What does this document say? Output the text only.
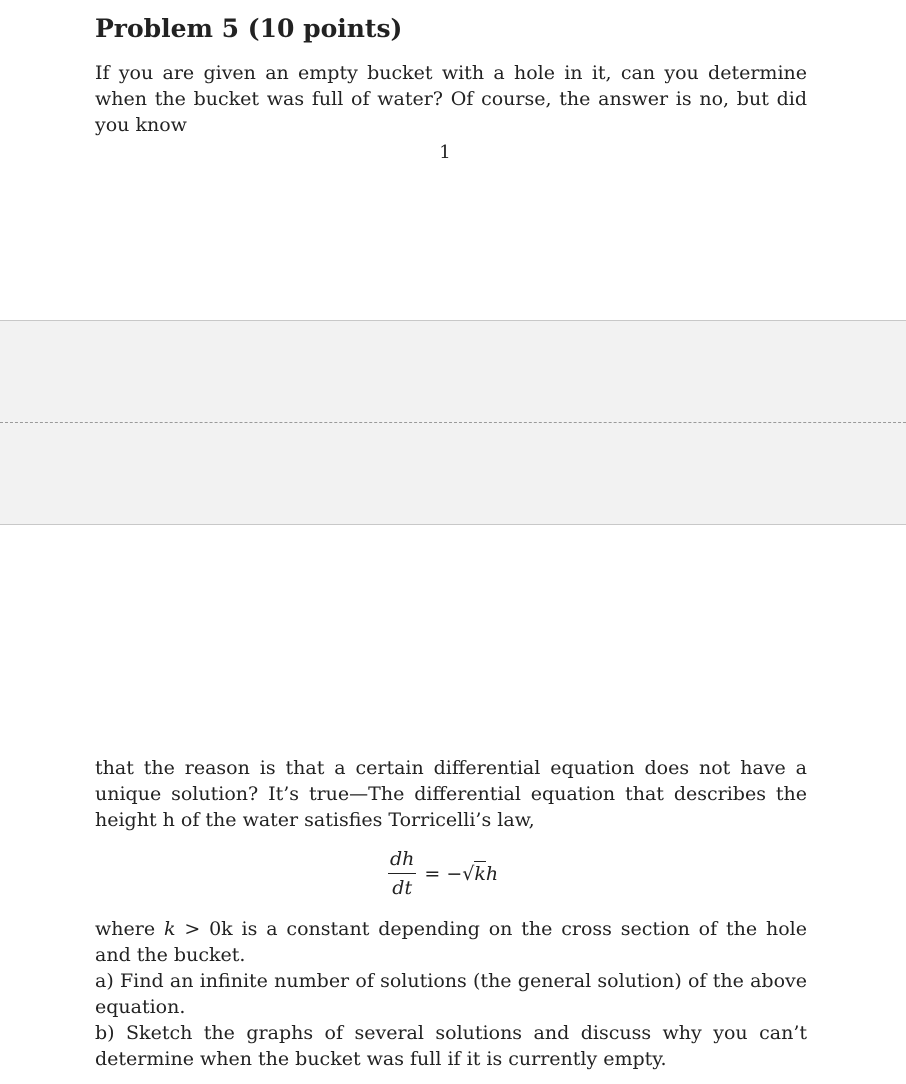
Problem 5 (10 points)

If you are given an empty bucket with a hole in it, can you determine when the bucket was full of water? Of course, the answer is no, but did you know

1

that the reason is that a certain differential equation does not have a unique solution? It’s true—The differential equation that describes the height h of the water satisfies Torricelli’s law,

$\frac{dh}{dt} = -√kh$

where k > 0k is a constant depending on the cross section of the hole and the bucket.

a) Find an infinite number of solutions (the general solution) of the above equation.

b) Sketch the graphs of several solutions and discuss why you can’t determine when the bucket was full if it is currently empty.
